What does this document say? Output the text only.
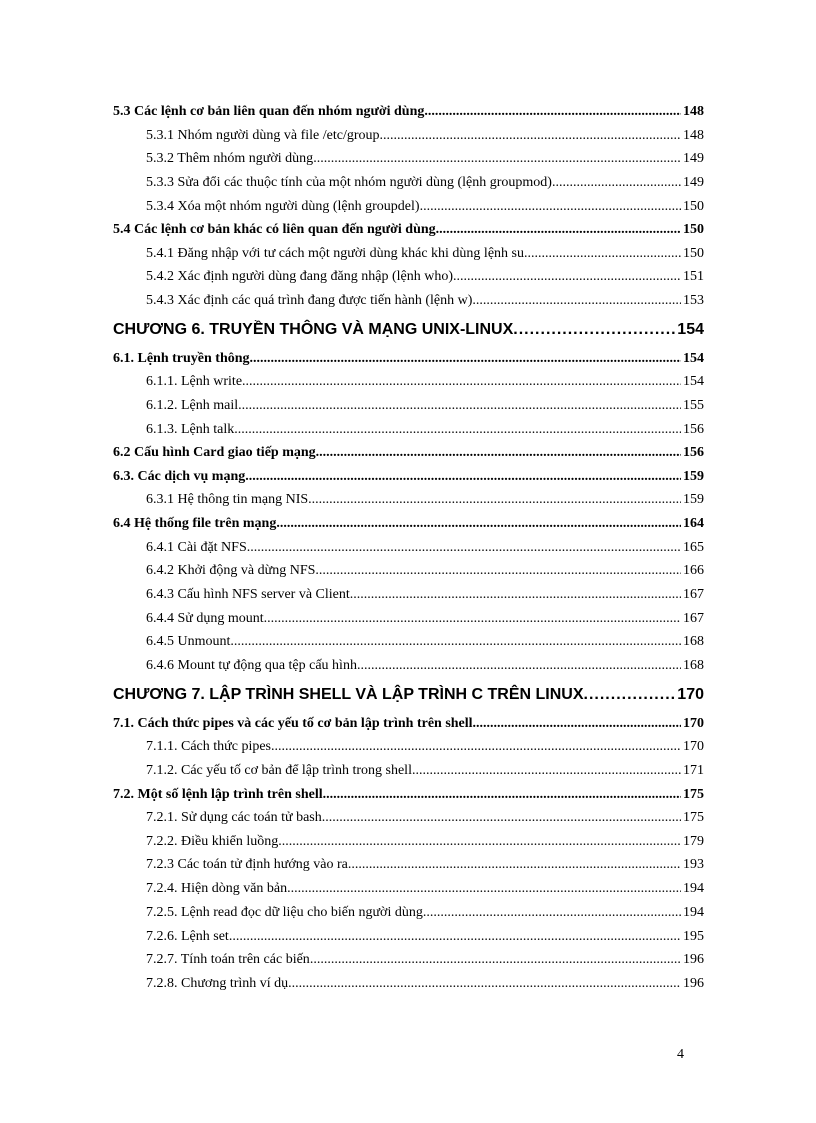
5.3 Các lệnh cơ bản liên quan đến nhóm người dùng .....	148
5.3.1 Nhóm người dùng và file /etc/group .....	148
5.3.2 Thêm nhóm người dùng .....	149
5.3.3 Sửa đổi các thuộc tính của một nhóm người dùng (lệnh groupmod) .....	149
5.3.4 Xóa một nhóm người dùng (lệnh groupdel) .....	150
5.4 Các lệnh cơ bản khác có liên quan đến người dùng .....	150
5.4.1 Đăng nhập với tư cách một người dùng khác khi dùng lệnh su .....	150
5.4.2 Xác định người dùng đang đăng nhập (lệnh who) .....	151
5.4.3 Xác định các quá trình đang được tiến hành (lệnh w) .....	153
CHƯƠNG 6. TRUYỀN THÔNG VÀ MẠNG UNIX-LINUX .....	154
6.1. Lệnh truyền thông .....	154
6.1.1. Lệnh write .....	154
6.1.2. Lệnh mail .....	155
6.1.3. Lệnh talk .....	156
6.2 Cấu hình Card giao tiếp mạng .....	156
6.3. Các dịch vụ mạng .....	159
6.3.1 Hệ thông tin mạng NIS .....	159
6.4 Hệ thống file trên mạng .....	164
6.4.1 Cài đặt NFS .....	165
6.4.2 Khởi động và dừng NFS .....	166
6.4.3 Cấu hình NFS server và Client .....	167
6.4.4 Sử dụng mount .....	167
6.4.5 Unmount .....	168
6.4.6 Mount tự động qua tệp cấu hình .....	168
CHƯƠNG 7. LẬP TRÌNH SHELL VÀ LẬP TRÌNH C TRÊN LINUX .....	170
7.1. Cách thức pipes và các yếu tố cơ bản lập trình trên shell .....	170
7.1.1. Cách thức pipes .....	170
7.1.2. Các yếu tố cơ bản để lập trình trong shell .....	171
7.2. Một số lệnh lập trình trên shell .....	175
7.2.1. Sử dụng các toán tử bash .....	175
7.2.2. Điều khiển luồng .....	179
7.2.3 Các toán tử định hướng vào ra .....	193
7.2.4. Hiện dòng văn bản .....	194
7.2.5. Lệnh read đọc dữ liệu cho biến người dùng .....	194
7.2.6. Lệnh set .....	195
7.2.7. Tính toán trên các biến .....	196
7.2.8. Chương trình ví dụ .....	196
4
